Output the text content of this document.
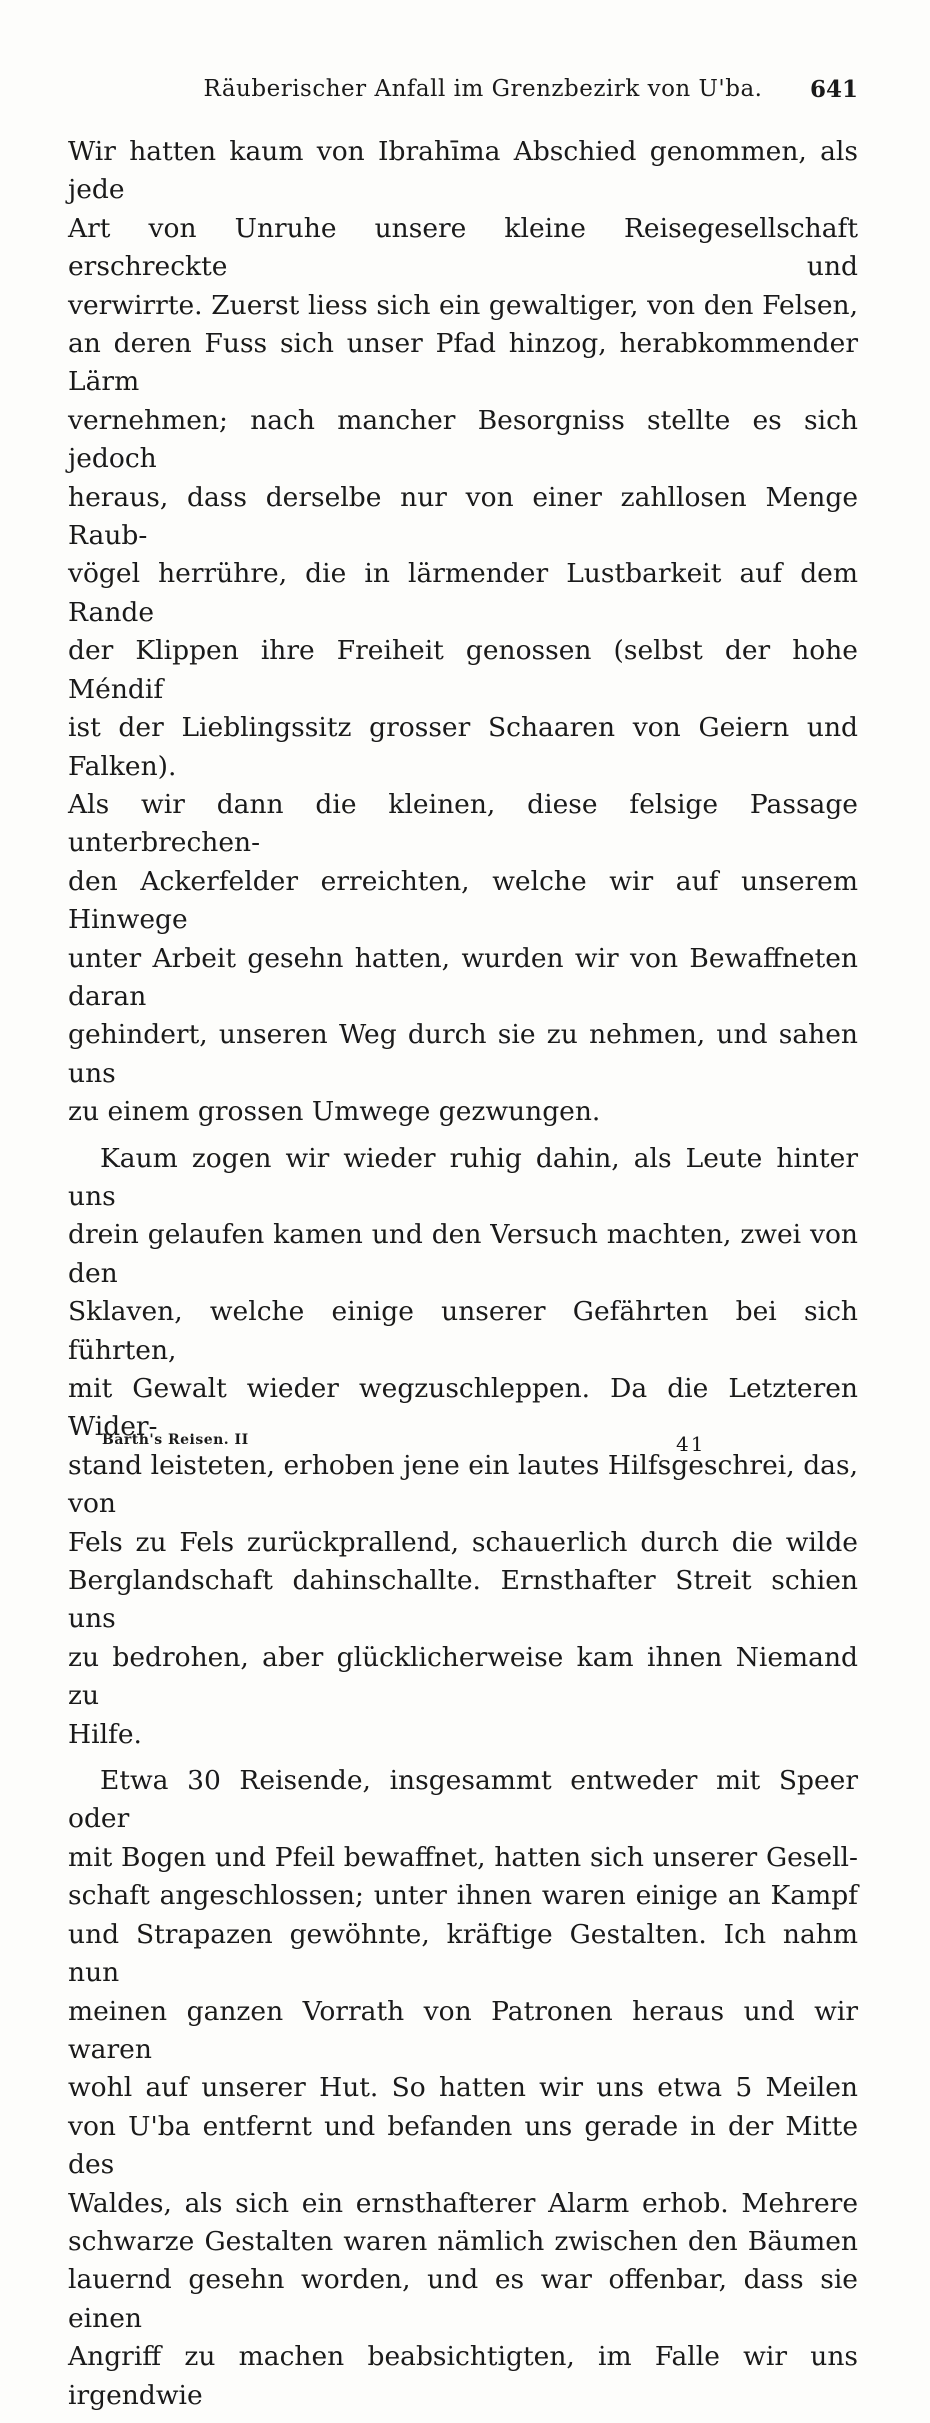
Räuberischer Anfall im Grenzbezirk von U'ba.	641
Wir hatten kaum von Ibrahīma Abschied genommen, als jede
Art von Unruhe unsere kleine Reisegesellschaft erschreckte und
verwirrte. Zuerst liess sich ein gewaltiger, von den Felsen,
an deren Fuss sich unser Pfad hinzog, herabkommender Lärm
vernehmen; nach mancher Besorgniss stellte es sich jedoch
heraus, dass derselbe nur von einer zahllosen Menge Raub-
vögel herrühre, die in lärmender Lustbarkeit auf dem Rande
der Klippen ihre Freiheit genossen (selbst der hohe Méndif
ist der Lieblingssitz grosser Schaaren von Geiern und Falken).
Als wir dann die kleinen, diese felsige Passage unterbrechen-
den Ackerfelder erreichten, welche wir auf unserem Hinwege
unter Arbeit gesehn hatten, wurden wir von Bewaffneten daran
gehindert, unseren Weg durch sie zu nehmen, und sahen uns
zu einem grossen Umwege gezwungen.
Kaum zogen wir wieder ruhig dahin, als Leute hinter uns
drein gelaufen kamen und den Versuch machten, zwei von den
Sklaven, welche einige unserer Gefährten bei sich führten,
mit Gewalt wieder wegzuschleppen. Da die Letzteren Wider-
stand leisteten, erhoben jene ein lautes Hilfsgeschrei, das, von
Fels zu Fels zurückprallend, schauerlich durch die wilde
Berglandschaft dahinschallte. Ernsthafter Streit schien uns
zu bedrohen, aber glücklicherweise kam ihnen Niemand zu
Hilfe.
Etwa 30 Reisende, insgesammt entweder mit Speer oder
mit Bogen und Pfeil bewaffnet, hatten sich unserer Gesell-
schaft angeschlossen; unter ihnen waren einige an Kampf
und Strapazen gewöhnte, kräftige Gestalten. Ich nahm nun
meinen ganzen Vorrath von Patronen heraus und wir waren
wohl auf unserer Hut. So hatten wir uns etwa 5 Meilen
von U'ba entfernt und befanden uns gerade in der Mitte des
Waldes, als sich ein ernsthafterer Alarm erhob. Mehrere
schwarze Gestalten waren nämlich zwischen den Bäumen
lauernd gesehn worden, und es war offenbar, dass sie einen
Angriff zu machen beabsichtigten, im Falle wir uns irgendwie
Barth's Reisen. II	41
